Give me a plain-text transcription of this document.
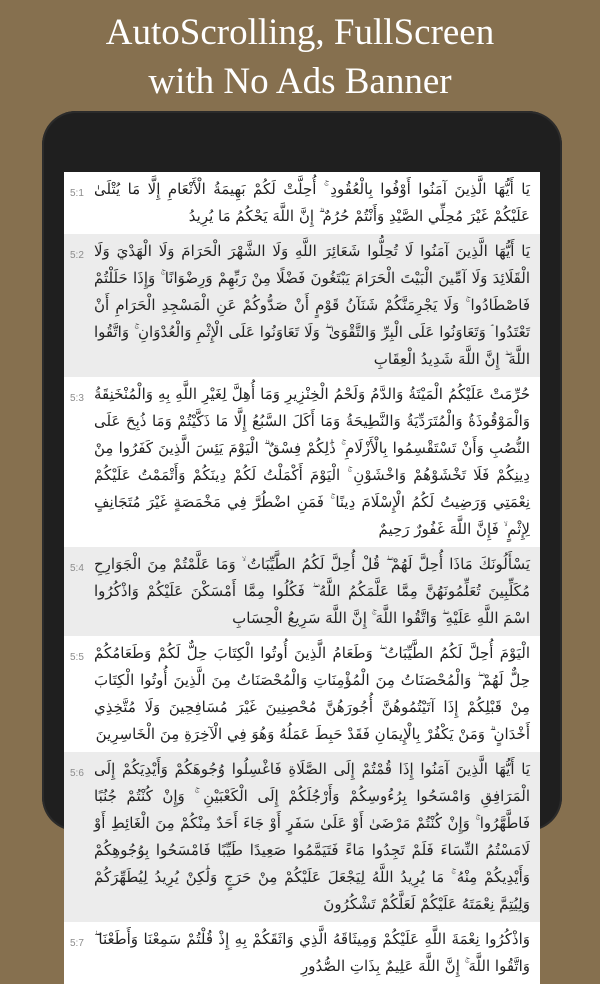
AutoScrolling, FullScreen
with No Ads Banner
5:1 يَا أَيُّهَا الَّذِينَ آمَنُوا أَوْفُوا بِالْعُقُودِ ۚ أُحِلَّتْ لَكُمْ بَهِيمَةُ الْأَنْعَامِ إِلَّا مَا يُتْلَىٰ عَلَيْكُمْ غَيْرَ مُحِلِّي الصَّيْدِ وَأَنْتُمْ حُرُمٌ ۗ إِنَّ اللَّهَ يَحْكُمُ مَا يُرِيدُ
5:2 يَا أَيُّهَا الَّذِينَ آمَنُوا لَا تُحِلُّوا شَعَائِرَ اللَّهِ وَلَا الشَّهْرَ الْحَرَامَ وَلَا الْهَدْيَ وَلَا الْقَلَائِدَ وَلَا آمِّينَ الْبَيْتَ الْحَرَامَ يَبْتَغُونَ فَضْلًا مِنْ رَبِّهِمْ وَرِضْوَانًا ۚ وَإِذَا حَلَلْتُمْ فَاصْطَادُوا ۚ وَلَا يَجْرِمَنَّكُمْ شَنَآنُ قَوْمٍ أَنْ صَدُّوكُمْ عَنِ الْمَسْجِدِ الْحَرَامِ أَنْ تَعْتَدُوا ۘ وَتَعَاوَنُوا عَلَى الْبِرِّ وَالتَّقْوَىٰ ۖ وَلَا تَعَاوَنُوا عَلَى الْإِثْمِ وَالْعُدْوَانِ ۚ وَاتَّقُوا اللَّهَ ۖ إِنَّ اللَّهَ شَدِيدُ الْعِقَابِ
5:3 حُرِّمَتْ عَلَيْكُمُ الْمَيْتَةُ وَالدَّمُ وَلَحْمُ الْخِنْزِيرِ وَمَا أُهِلَّ لِغَيْرِ اللَّهِ بِهِ وَالْمُنْخَنِقَةُ وَالْمَوْقُوذَةُ وَالْمُتَرَدِّيَةُ وَالنَّطِيحَةُ وَمَا أَكَلَ السَّبُعُ إِلَّا مَا ذَكَّيْتُمْ وَمَا ذُبِحَ عَلَى النُّصُبِ وَأَنْ تَسْتَقْسِمُوا بِالْأَزْلَامِ ۚ ذَٰلِكُمْ فِسْقٌ ۗ الْيَوْمَ يَئِسَ الَّذِينَ كَفَرُوا مِنْ دِينِكُمْ فَلَا تَخْشَوْهُمْ وَاخْشَوْنِ ۚ الْيَوْمَ أَكْمَلْتُ لَكُمْ دِينَكُمْ وَأَتْمَمْتُ عَلَيْكُمْ نِعْمَتِي وَرَضِيتُ لَكُمُ الْإِسْلَامَ دِينًا ۚ فَمَنِ اضْطُرَّ فِي مَخْمَصَةٍ غَيْرَ مُتَجَانِفٍ لِإِثْمٍ ۙ فَإِنَّ اللَّهَ غَفُورٌ رَحِيمٌ
5:4 يَسْأَلُونَكَ مَاذَا أُحِلَّ لَهُمْ ۖ قُلْ أُحِلَّ لَكُمُ الطَّيِّبَاتُ ۙ وَمَا عَلَّمْتُمْ مِنَ الْجَوَارِحِ مُكَلِّبِينَ تُعَلِّمُونَهُنَّ مِمَّا عَلَّمَكُمُ اللَّهُ ۖ فَكُلُوا مِمَّا أَمْسَكْنَ عَلَيْكُمْ وَاذْكُرُوا اسْمَ اللَّهِ عَلَيْهِ ۖ وَاتَّقُوا اللَّهَ ۚ إِنَّ اللَّهَ سَرِيعُ الْحِسَابِ
5:5 الْيَوْمَ أُحِلَّ لَكُمُ الطَّيِّبَاتُ ۖ وَطَعَامُ الَّذِينَ أُوتُوا الْكِتَابَ حِلٌّ لَكُمْ وَطَعَامُكُمْ حِلٌّ لَهُمْ ۖ وَالْمُحْصَنَاتُ مِنَ الْمُؤْمِنَاتِ وَالْمُحْصَنَاتُ مِنَ الَّذِينَ أُوتُوا الْكِتَابَ مِنْ قَبْلِكُمْ إِذَا آتَيْتُمُوهُنَّ أُجُورَهُنَّ مُحْصِنِينَ غَيْرَ مُسَافِحِينَ وَلَا مُتَّخِذِي أَخْدَانٍ ۗ وَمَنْ يَكْفُرْ بِالْإِيمَانِ فَقَدْ حَبِطَ عَمَلُهُ وَهُوَ فِي الْآخِرَةِ مِنَ الْخَاسِرِينَ
5:6 يَا أَيُّهَا الَّذِينَ آمَنُوا إِذَا قُمْتُمْ إِلَى الصَّلَاةِ فَاغْسِلُوا وُجُوهَكُمْ وَأَيْدِيَكُمْ إِلَى الْمَرَافِقِ وَامْسَحُوا بِرُءُوسِكُمْ وَأَرْجُلَكُمْ إِلَى الْكَعْبَيْنِ ۚ وَإِنْ كُنْتُمْ جُنُبًا فَاطَّهَّرُوا ۚ وَإِنْ كُنْتُمْ مَرْضَىٰ أَوْ عَلَىٰ سَفَرٍ أَوْ جَاءَ أَحَدٌ مِنْكُمْ مِنَ الْغَائِطِ أَوْ لَامَسْتُمُ النِّسَاءَ فَلَمْ تَجِدُوا مَاءً فَتَيَمَّمُوا صَعِيدًا طَيِّبًا فَامْسَحُوا بِوُجُوهِكُمْ وَأَيْدِيكُمْ مِنْهُ ۚ مَا يُرِيدُ اللَّهُ لِيَجْعَلَ عَلَيْكُمْ مِنْ حَرَجٍ وَلَٰكِنْ يُرِيدُ لِيُطَهِّرَكُمْ وَلِيُتِمَّ نِعْمَتَهُ عَلَيْكُمْ لَعَلَّكُمْ تَشْكُرُونَ
5:7 وَاذْكُرُوا نِعْمَةَ اللَّهِ عَلَيْكُمْ وَمِيثَاقَهُ الَّذِي وَاثَقَكُمْ بِهِ إِذْ قُلْتُمْ سَمِعْنَا وَأَطَعْنَا ۖ وَاتَّقُوا اللَّهَ ۚ إِنَّ اللَّهَ عَلِيمٌ بِذَاتِ الصُّدُورِ
